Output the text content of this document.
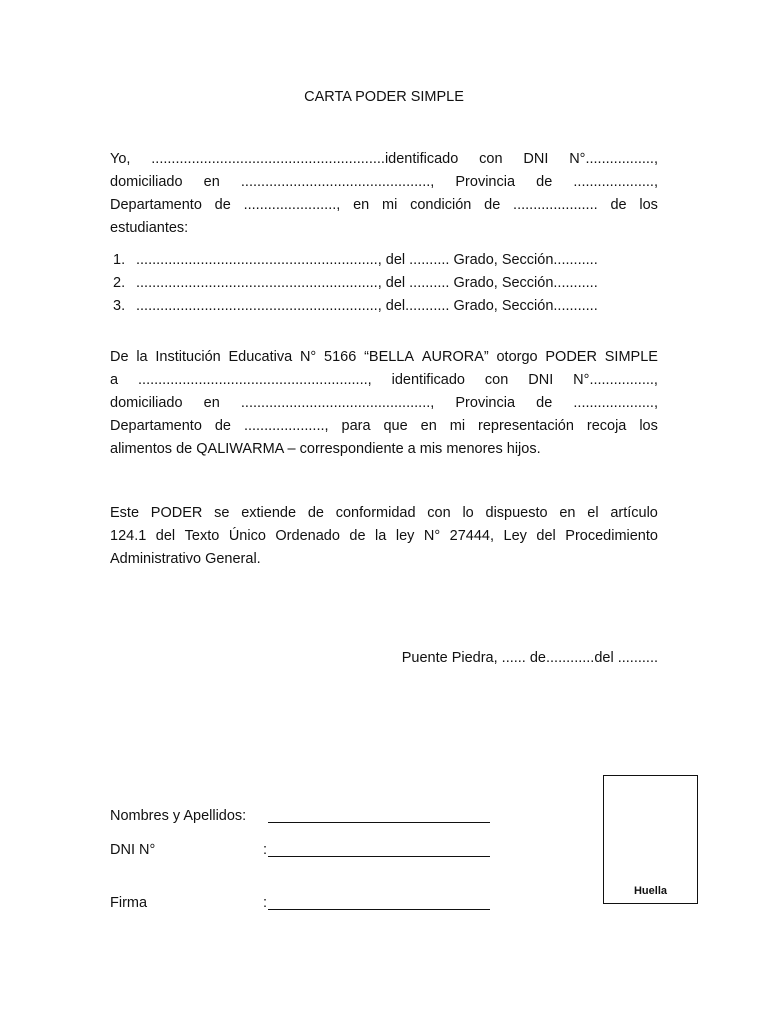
CARTA PODER SIMPLE
Yo, ..........................................................identificado con DNI N°.................,
domiciliado en ..............................................., Provincia de ....................,
Departamento de ......................., en mi condición de ..................... de los
estudiantes:
1. ............................................................, del .......... Grado, Sección...........
2. ............................................................, del .......... Grado, Sección...........
3. ............................................................, del........... Grado, Sección...........
De la Institución Educativa N° 5166 “BELLA AURORA” otorgo PODER SIMPLE
a ........................................................., identificado con DNI N°................,
domiciliado en ..............................................., Provincia de ....................,
Departamento de ...................., para que en mi representación recoja los
alimentos de QALIWARMA – correspondiente a mis menores hijos.
Este PODER se extiende de conformidad con lo dispuesto en el artículo
124.1 del Texto Único Ordenado de la ley N° 27444, Ley del Procedimiento
Administrativo General.
Puente Piedra, ...... de............del ..........
Nombres y Apellidos:
DNI N°	:
Firma	:
Huella
